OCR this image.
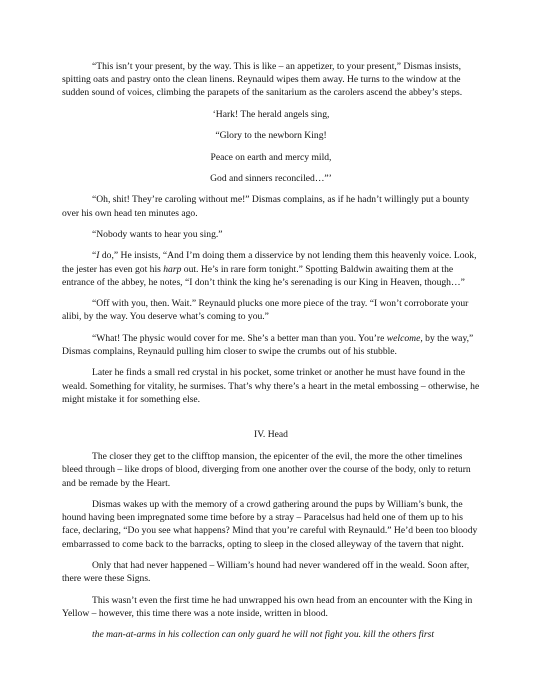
“This isn’t your present, by the way. This is like – an appetizer, to your present,” Dismas insists, spitting oats and pastry onto the clean linens. Reynauld wipes them away. He turns to the window at the sudden sound of voices, climbing the parapets of the sanitarium as the carolers ascend the abbey’s steps.

‘Hark! The herald angels sing,

“Glory to the newborn King!

Peace on earth and mercy mild,

God and sinners reconciled…”’

“Oh, shit! They’re caroling without me!” Dismas complains, as if he hadn’t willingly put a bounty over his own head ten minutes ago.

“Nobody wants to hear you sing.”

“I do,” He insists, “And I’m doing them a disservice by not lending them this heavenly voice. Look, the jester has even got his harp out. He’s in rare form tonight.” Spotting Baldwin awaiting them at the entrance of the abbey, he notes, “I don’t think the king he’s serenading is our King in Heaven, though…”

“Off with you, then. Wait.” Reynauld plucks one more piece of the tray. “I won’t corroborate your alibi, by the way. You deserve what’s coming to you.”

“What! The physic would cover for me. She’s a better man than you. You’re welcome, by the way,” Dismas complains, Reynauld pulling him closer to swipe the crumbs out of his stubble.

Later he finds a small red crystal in his pocket, some trinket or another he must have found in the weald. Something for vitality, he surmises. That’s why there’s a heart in the metal embossing – otherwise, he might mistake it for something else.

IV. Head

The closer they get to the clifftop mansion, the epicenter of the evil, the more the other timelines bleed through – like drops of blood, diverging from one another over the course of the body, only to return and be remade by the Heart.

Dismas wakes up with the memory of a crowd gathering around the pups by William’s bunk, the hound having been impregnated some time before by a stray – Paracelsus had held one of them up to his face, declaring, “Do you see what happens? Mind that you’re careful with Reynauld.” He’d been too bloody embarrassed to come back to the barracks, opting to sleep in the closed alleyway of the tavern that night.

Only that had never happened – William’s hound had never wandered off in the weald. Soon after, there were these Signs.

This wasn’t even the first time he had unwrapped his own head from an encounter with the King in Yellow – however, this time there was a note inside, written in blood.

the man-at-arms in his collection can only guard he will not fight you. kill the others first
